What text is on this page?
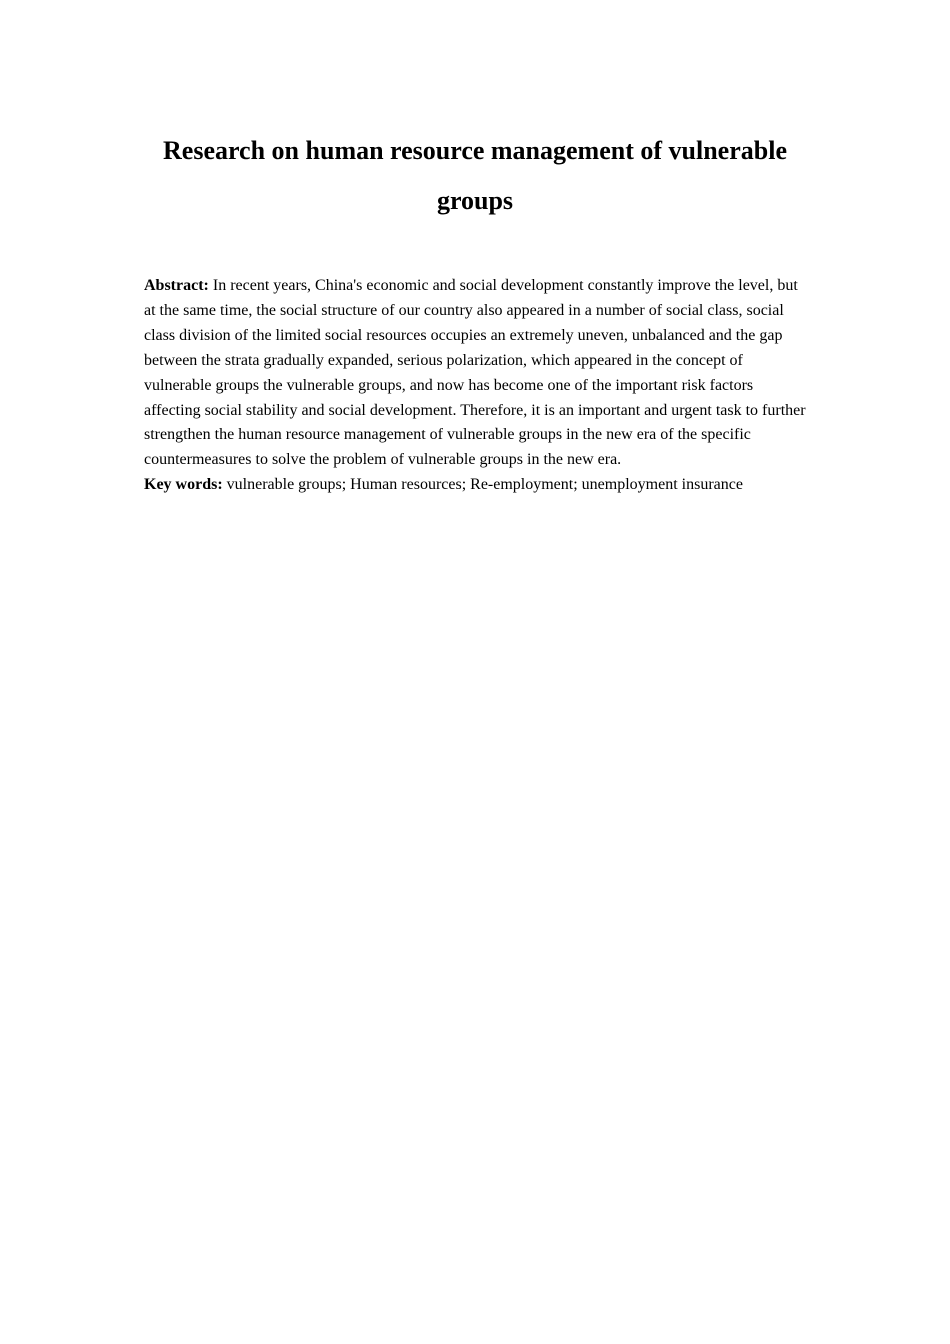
Research on human resource management of vulnerable groups

Abstract: In recent years, China's economic and social development constantly improve the level, but at the same time, the social structure of our country also appeared in a number of social class, social class division of the limited social resources occupies an extremely uneven, unbalanced and the gap between the strata gradually expanded, serious polarization, which appeared in the concept of vulnerable groups the vulnerable groups, and now has become one of the important risk factors affecting social stability and social development. Therefore, it is an important and urgent task to further strengthen the human resource management of vulnerable groups in the new era of the specific countermeasures to solve the problem of vulnerable groups in the new era.

Key words: vulnerable groups; Human resources; Re-employment; unemployment insurance
